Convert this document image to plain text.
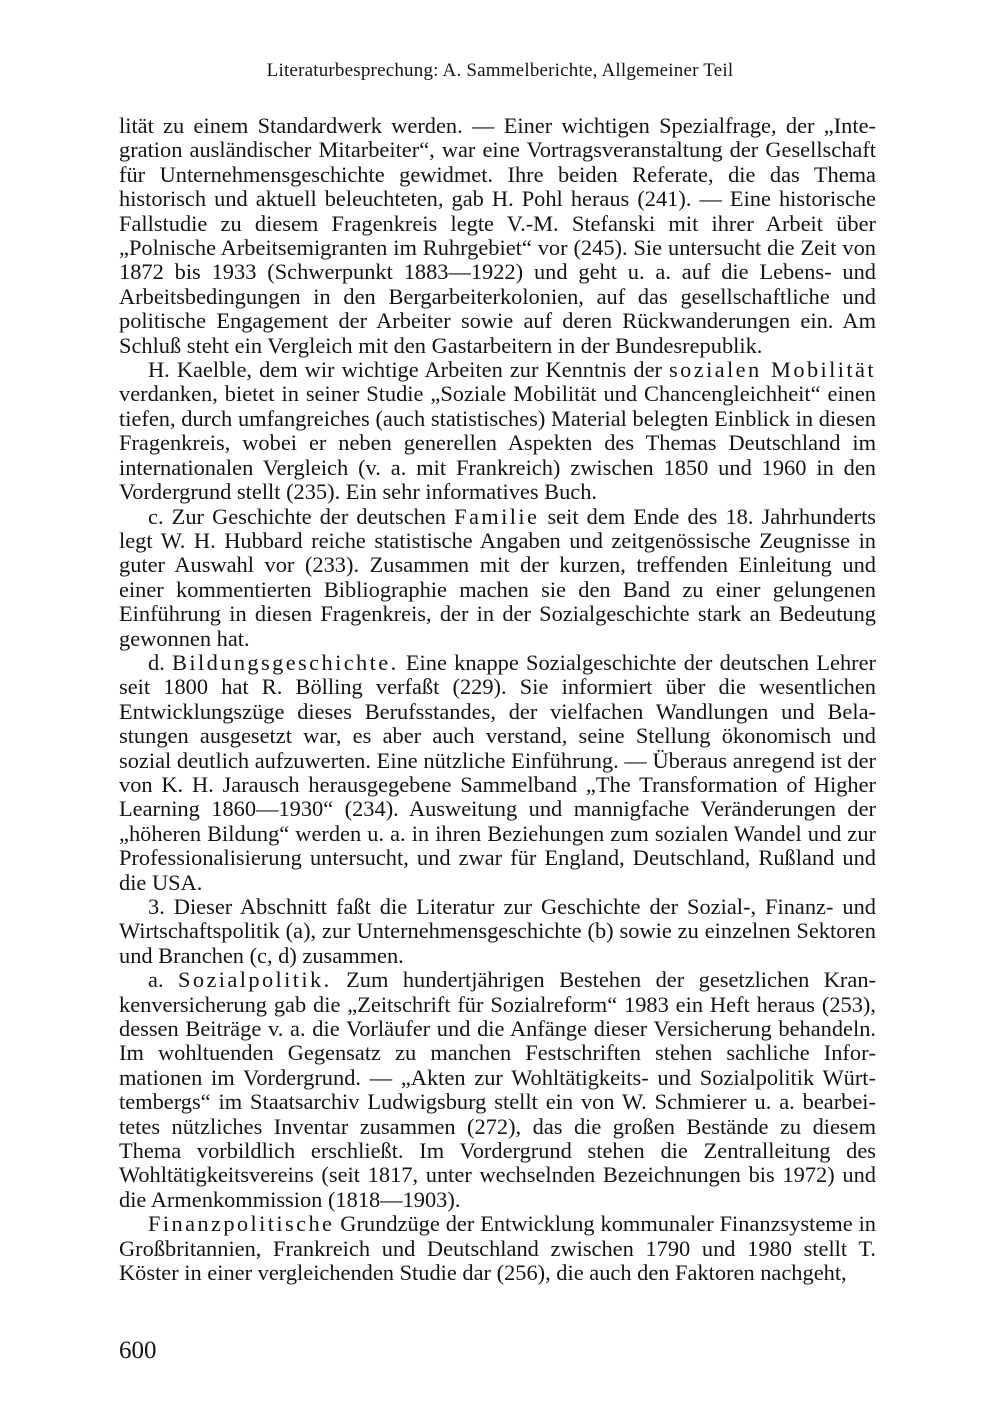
Literaturbesprechung: A. Sammelberichte, Allgemeiner Teil

lität zu einem Standardwerk werden. — Einer wichtigen Spezialfrage, der „Integration ausländischer Mitarbeiter“, war eine Vortragsveranstaltung der Gesellschaft für Unternehmensgeschichte gewidmet. Ihre beiden Referate, die das Thema historisch und aktuell beleuchteten, gab H. Pohl heraus (241). — Eine historische Fallstudie zu diesem Fragenkreis legte V.-M. Stefanski mit ihrer Arbeit über „Polnische Arbeitsemigranten im Ruhrgebiet“ vor (245). Sie untersucht die Zeit von 1872 bis 1933 (Schwerpunkt 1883—1922) und geht u. a. auf die Lebens- und Arbeitsbedingungen in den Bergarbeiterkolonien, auf das gesellschaftliche und politische Engagement der Arbeiter sowie auf deren Rückwanderungen ein. Am Schluß steht ein Vergleich mit den Gastarbeitern in der Bundesrepublik.

H. Kaelble, dem wir wichtige Arbeiten zur Kenntnis der sozialen Mobilität verdanken, bietet in seiner Studie „Soziale Mobilität und Chancengleichheit“ einen tiefen, durch umfangreiches (auch statistisches) Material belegten Einblick in diesen Fragenkreis, wobei er neben generellen Aspekten des Themas Deutschland im internationalen Vergleich (v. a. mit Frankreich) zwischen 1850 und 1960 in den Vordergrund stellt (235). Ein sehr informatives Buch.

c. Zur Geschichte der deutschen Familie seit dem Ende des 18. Jahrhunderts legt W. H. Hubbard reiche statistische Angaben und zeitgenössische Zeugnisse in guter Auswahl vor (233). Zusammen mit der kurzen, treffenden Einleitung und einer kommentierten Bibliographie machen sie den Band zu einer gelungenen Einführung in diesen Fragenkreis, der in der Sozialgeschichte stark an Bedeutung gewonnen hat.

d. Bildungsgeschichte. Eine knappe Sozialgeschichte der deutschen Lehrer seit 1800 hat R. Bölling verfaßt (229). Sie informiert über die wesentlichen Entwicklungszüge dieses Berufsstandes, der vielfachen Wandlungen und Belastungen ausgesetzt war, es aber auch verstand, seine Stellung ökonomisch und sozial deutlich aufzuwerten. Eine nützliche Einführung. — Überaus anregend ist der von K. H. Jarausch herausgegebene Sammelband „The Transformation of Higher Learning 1860—1930“ (234). Ausweitung und mannigfache Veränderungen der „höheren Bildung“ werden u. a. in ihren Beziehungen zum sozialen Wandel und zur Professionalisierung untersucht, und zwar für England, Deutschland, Rußland und die USA.

3. Dieser Abschnitt faßt die Literatur zur Geschichte der Sozial-, Finanz- und Wirtschaftspolitik (a), zur Unternehmensgeschichte (b) sowie zu einzelnen Sektoren und Branchen (c, d) zusammen.

a. Sozialpolitik. Zum hundertjährigen Bestehen der gesetzlichen Krankenversicherung gab die „Zeitschrift für Sozialreform“ 1983 ein Heft heraus (253), dessen Beiträge v. a. die Vorläufer und die Anfänge dieser Versicherung behandeln. Im wohltuenden Gegensatz zu manchen Festschriften stehen sachliche Informationen im Vordergrund. — „Akten zur Wohltätigkeits- und Sozialpolitik Württembergs“ im Staatsarchiv Ludwigsburg stellt ein von W. Schmierer u. a. bearbeitetes nützliches Inventar zusammen (272), das die großen Bestände zu diesem Thema vorbildlich erschließt. Im Vordergrund stehen die Zentralleitung des Wohltätigkeitsvereins (seit 1817, unter wechselnden Bezeichnungen bis 1972) und die Armenkommission (1818—1903).

Finanzpolitische Grundzüge der Entwicklung kommunaler Finanzsysteme in Großbritannien, Frankreich und Deutschland zwischen 1790 und 1980 stellt T. Köster in einer vergleichenden Studie dar (256), die auch den Faktoren nachgeht,

600
